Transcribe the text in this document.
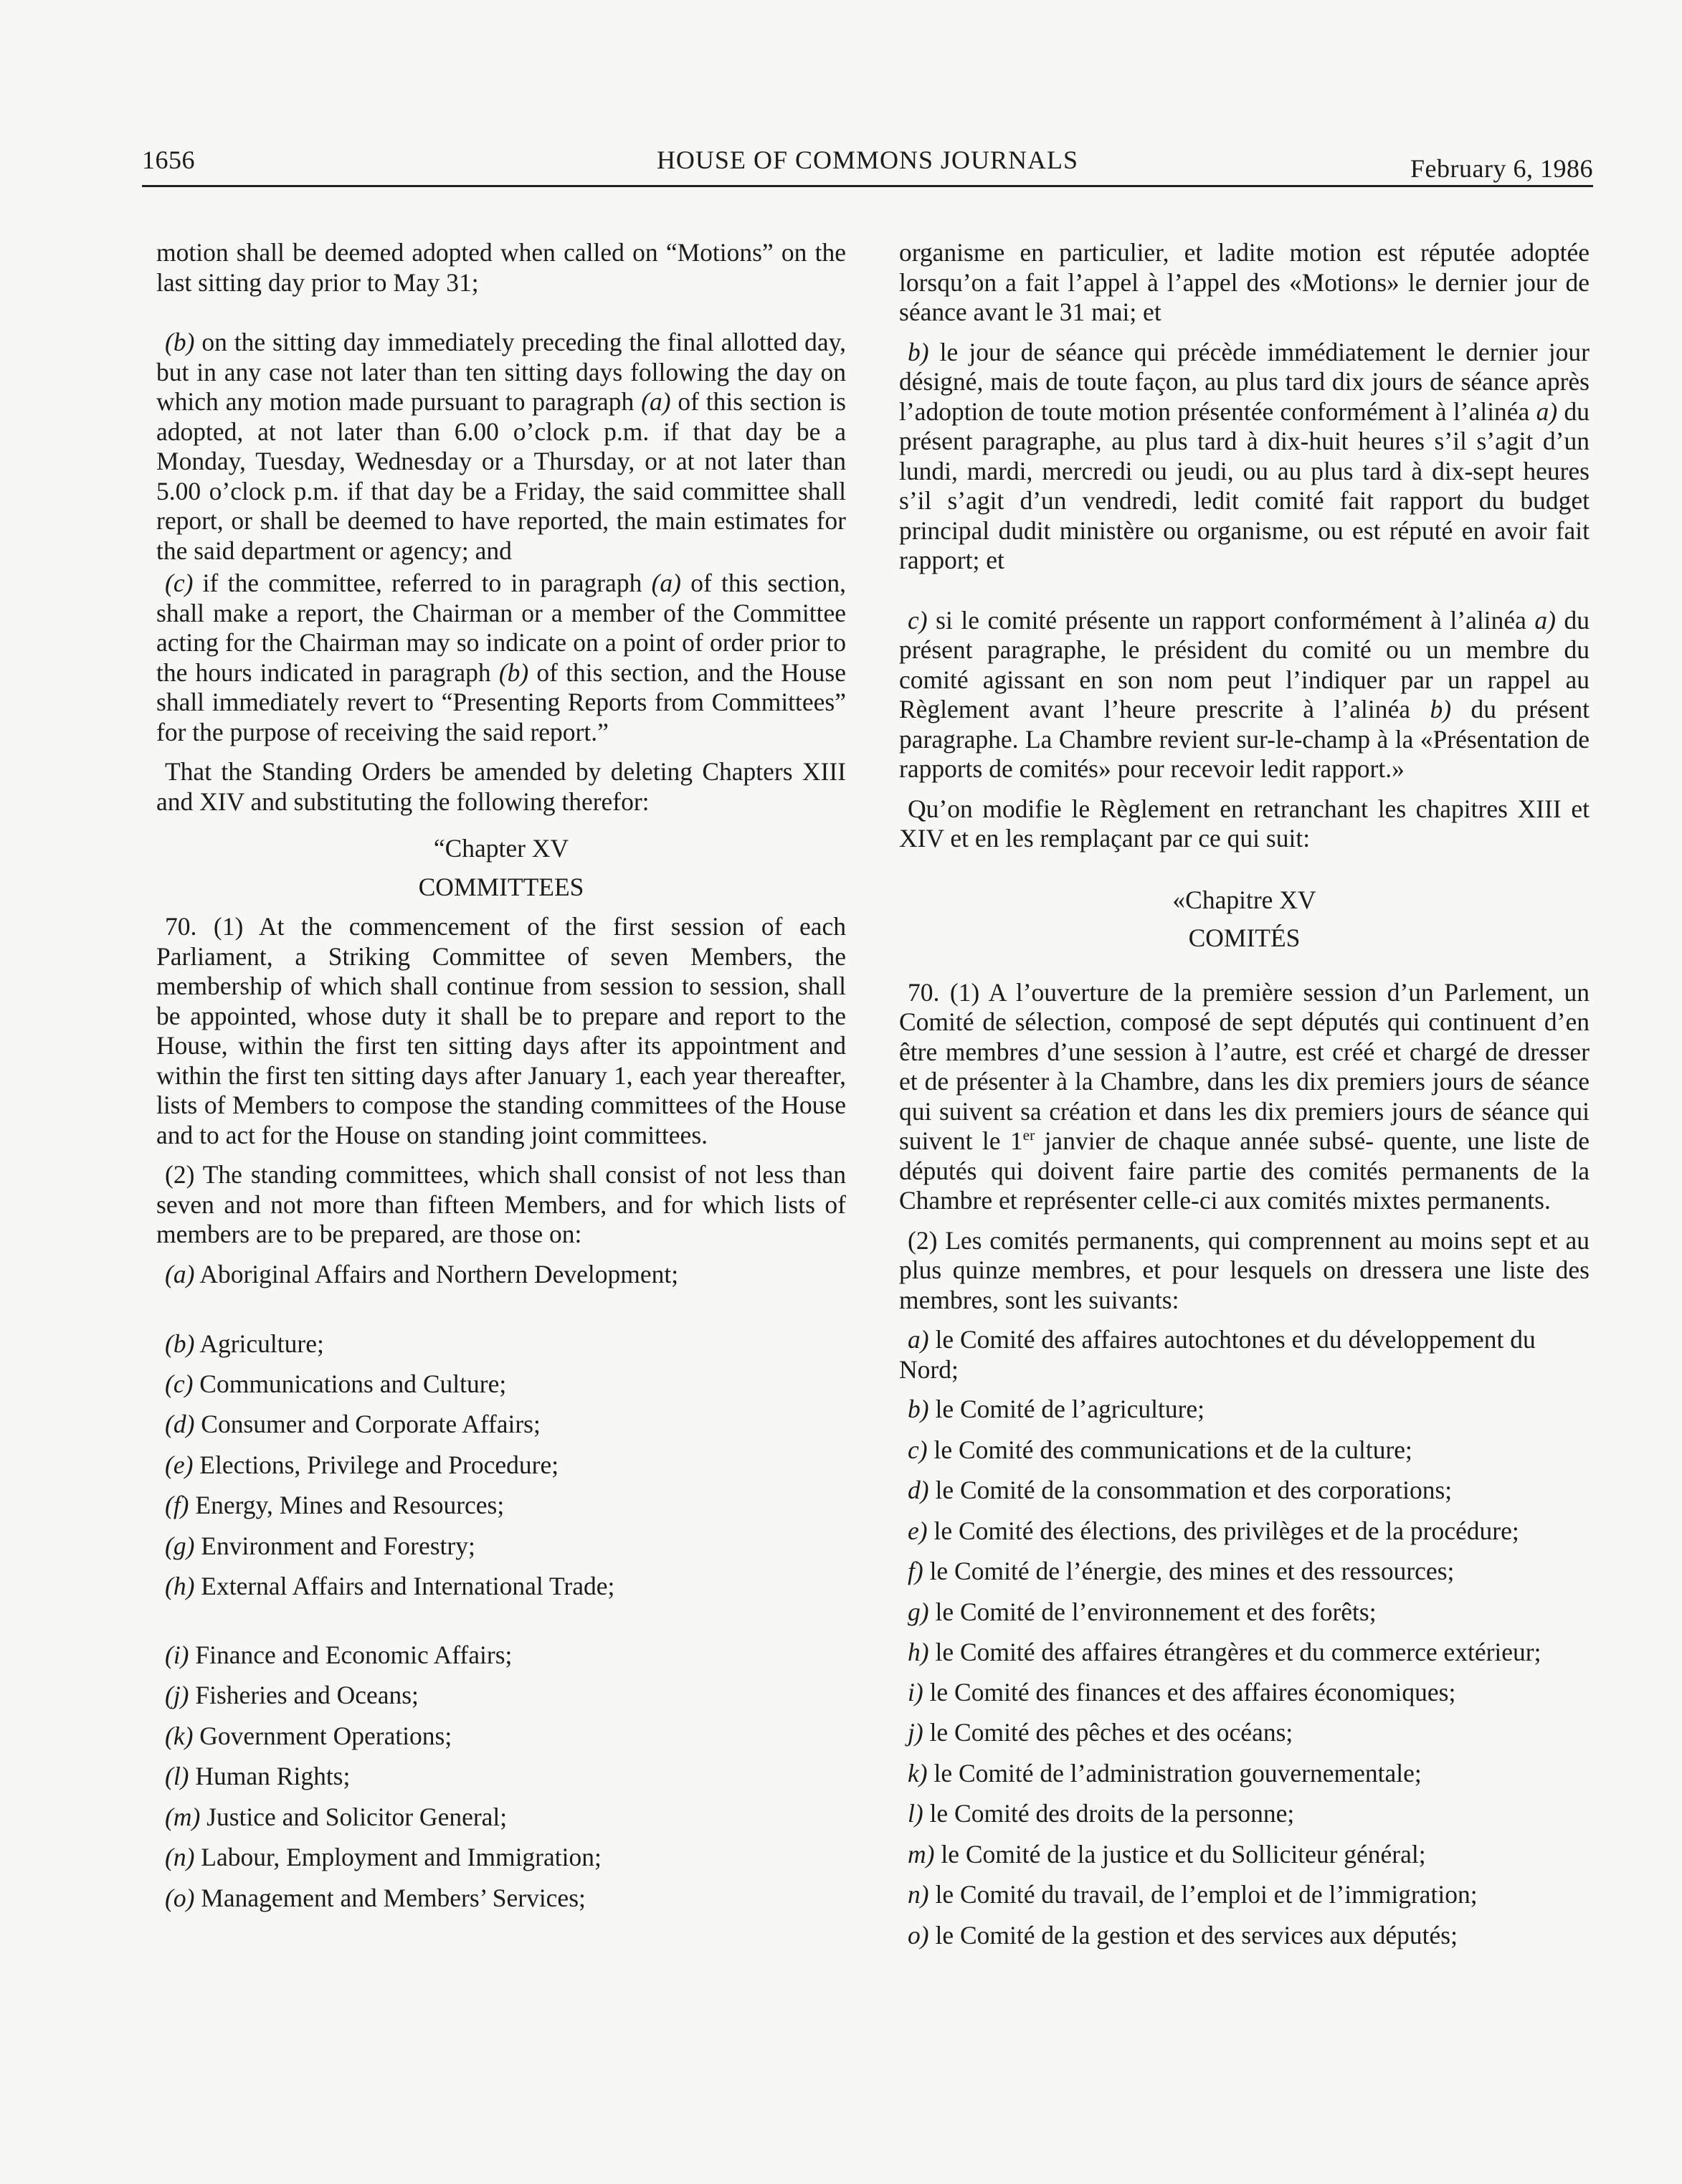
1656	HOUSE OF COMMONS JOURNALS	February 6, 1986

motion shall be deemed adopted when called on “Motions” on the last sitting day prior to May 31;

(b) on the sitting day immediately preceding the final allotted day, but in any case not later than ten sitting days following the day on which any motion made pursuant to paragraph (a) of this section is adopted, at not later than 6.00 o’clock p.m. if that day be a Monday, Tuesday, Wednesday or a Thursday, or at not later than 5.00 o’clock p.m. if that day be a Friday, the said committee shall report, or shall be deemed to have reported, the main estimates for the said department or agency; and

(c) if the committee, referred to in paragraph (a) of this section, shall make a report, the Chairman or a member of the Committee acting for the Chairman may so indicate on a point of order prior to the hours indicated in paragraph (b) of this section, and the House shall immediately revert to “Presenting Reports from Committees” for the purpose of receiving the said report.”

That the Standing Orders be amended by deleting Chapters XIII and XIV and substituting the following therefor:

“Chapter XV

COMMITTEES

70. (1) At the commencement of the first session of each Parliament, a Striking Committee of seven Members, the membership of which shall continue from session to session, shall be appointed, whose duty it shall be to prepare and report to the House, within the first ten sitting days after its appointment and within the first ten sitting days after January 1, each year thereafter, lists of Members to compose the standing committees of the House and to act for the House on standing joint committees.

(2) The standing committees, which shall consist of not less than seven and not more than fifteen Members, and for which lists of members are to be prepared, are those on:

(a) Aboriginal Affairs and Northern Development;

(b) Agriculture;

(c) Communications and Culture;

(d) Consumer and Corporate Affairs;

(e) Elections, Privilege and Procedure;

(f) Energy, Mines and Resources;

(g) Environment and Forestry;

(h) External Affairs and International Trade;

(i) Finance and Economic Affairs;

(j) Fisheries and Oceans;

(k) Government Operations;

(l) Human Rights;

(m) Justice and Solicitor General;

(n) Labour, Employment and Immigration;

(o) Management and Members’ Services;

organisme en particulier, et ladite motion est réputée adoptée lorsqu’on a fait l’appel à l’appel des «Motions» le dernier jour de séance avant le 31 mai; et

b) le jour de séance qui précède immédiatement le dernier jour désigné, mais de toute façon, au plus tard dix jours de séance après l’adoption de toute motion présentée conformément à l’alinéa a) du présent paragraphe, au plus tard à dix-huit heures s’il s’agit d’un lundi, mardi, mercredi ou jeudi, ou au plus tard à dix-sept heures s’il s’agit d’un vendredi, ledit comité fait rapport du budget principal dudit ministère ou organisme, ou est réputé en avoir fait rapport; et

c) si le comité présente un rapport conformément à l’alinéa a) du présent paragraphe, le président du comité ou un membre du comité agissant en son nom peut l’indiquer par un rappel au Règlement avant l’heure prescrite à l’alinéa b) du présent paragraphe. La Chambre revient sur-le-champ à la «Présentation de rapports de comités» pour recevoir ledit rapport.»

Qu’on modifie le Règlement en retranchant les chapitres XIII et XIV et en les remplaçant par ce qui suit:

«Chapitre XV

COMITÉS

70. (1) A l’ouverture de la première session d’un Parlement, un Comité de sélection, composé de sept députés qui continuent d’en être membres d’une session à l’autre, est créé et chargé de dresser et de présenter à la Chambre, dans les dix premiers jours de séance qui suivent sa création et dans les dix premiers jours de séance qui suivent le 1er janvier de chaque année subsé- quente, une liste de députés qui doivent faire partie des comités permanents de la Chambre et représenter celle-ci aux comités mixtes permanents.

(2) Les comités permanents, qui comprennent au moins sept et au plus quinze membres, et pour lesquels on dressera une liste des membres, sont les suivants:

a) le Comité des affaires autochtones et du développement du Nord;

b) le Comité de l’agriculture;

c) le Comité des communications et de la culture;

d) le Comité de la consommation et des corporations;

e) le Comité des élections, des privilèges et de la procédure;

f) le Comité de l’énergie, des mines et des ressources;

g) le Comité de l’environnement et des forêts;

h) le Comité des affaires étrangères et du commerce extérieur;

i) le Comité des finances et des affaires économiques;

j) le Comité des pêches et des océans;

k) le Comité de l’administration gouvernementale;

l) le Comité des droits de la personne;

m) le Comité de la justice et du Solliciteur général;

n) le Comité du travail, de l’emploi et de l’immigration;

o) le Comité de la gestion et des services aux députés;
